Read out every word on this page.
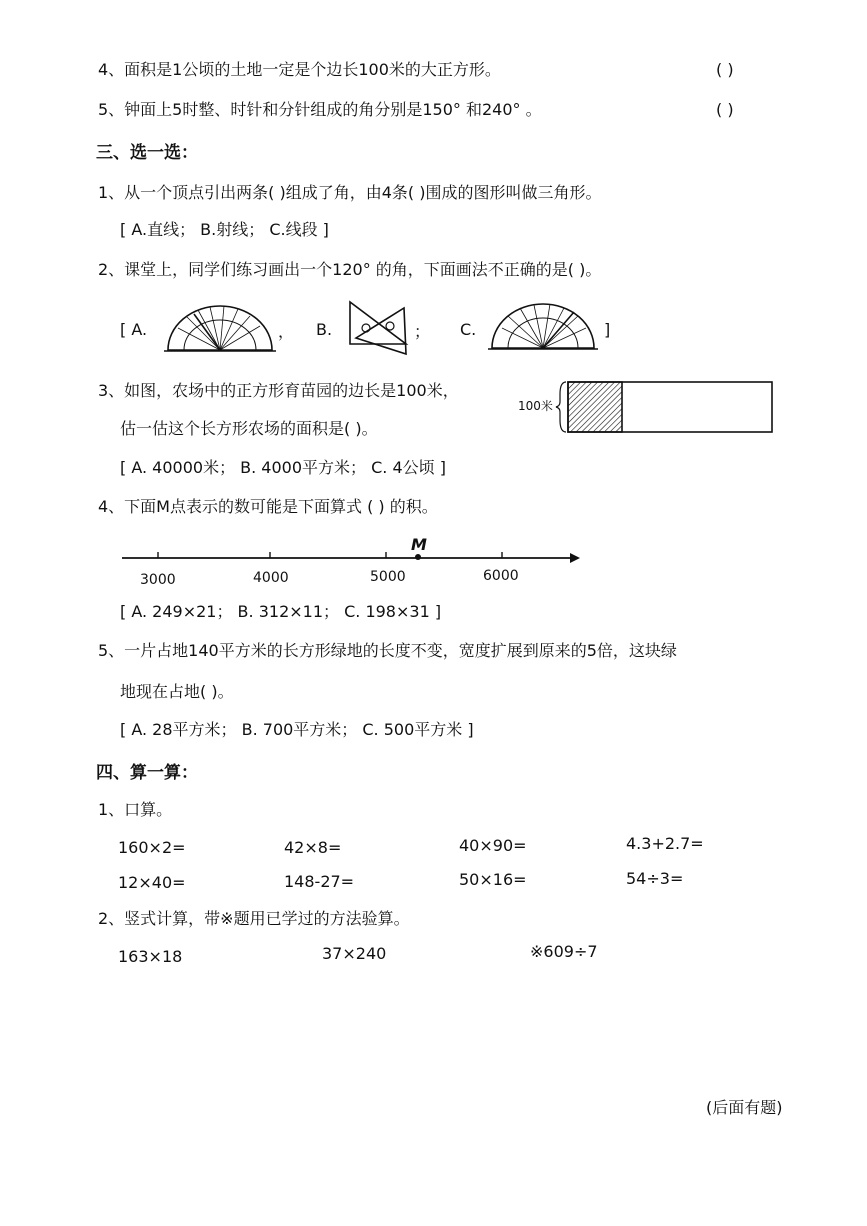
4、面积是1公顷的土地一定是个边长100米的大正方形。	( )
5、钟面上5时整、时针和分针组成的角分别是150° 和240° 。	( )
三、选一选：
1、从一个顶点引出两条( )组成了角，由4条( )围成的图形叫做三角形。
[ A.直线； B.射线； C.线段 ]
2、课堂上，同学们练习画出一个120° 的角，下面画法不正确的是( )。
[ A.	， B.	； C.	]
3、如图，农场中的正方形育苗园的边长是100米，
估一估这个长方形农场的面积是( )。
[ A. 40000米； B. 4000平方米； C. 4公顷 ]
100米
4、下面M点表示的数可能是下面算式 ( ) 的积。
M
3000	4000	5000	6000
[ A. 249×21； B. 312×11； C. 198×31 ]
5、一片占地140平方米的长方形绿地的长度不变，宽度扩展到原来的5倍，这块绿
地现在占地( )。
[ A. 28平方米； B. 700平方米； C. 500平方米 ]
四、算一算：
1、口算。
160×2=	42×8=	40×90=	4.3+2.7=
12×40=	148-27=	50×16=	54÷3=
2、竖式计算，带※题用已学过的方法验算。
163×18	37×240	※609÷7
(后面有题)
